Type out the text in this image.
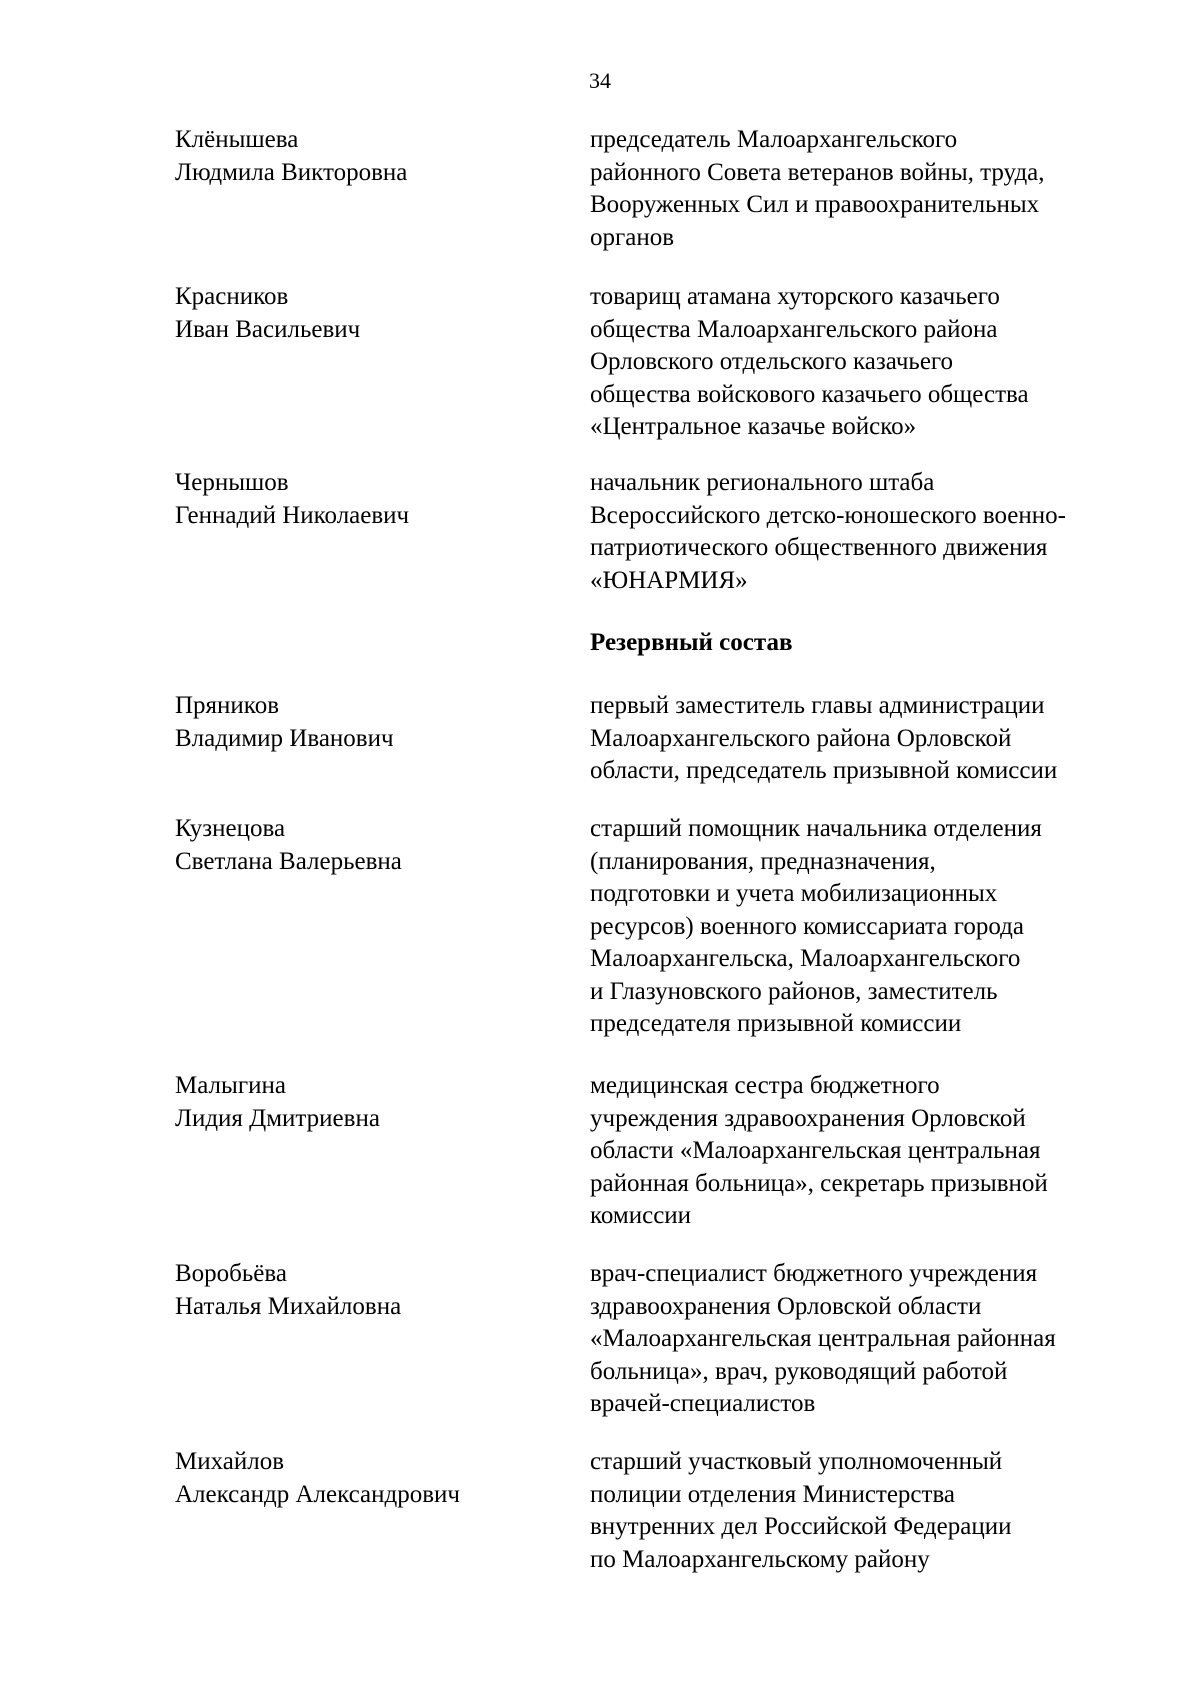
34
Клёнышева
Людмила Викторовна
председатель Малоархангельского
районного Совета ветеранов войны, труда,
Вооруженных Сил и правоохранительных
органов
Красников
Иван Васильевич
товарищ атамана хуторского казачьего
общества Малоархангельского района
Орловского отдельского казачьего
общества войскового казачьего общества
«Центральное казачье войско»
Чернышов
Геннадий Николаевич
начальник регионального штаба
Всероссийского детско-юношеского военно-
патриотического общественного движения
«ЮНАРМИЯ»
Резервный состав
Пряников
Владимир Иванович
первый заместитель главы администрации
Малоархангельского района Орловской
области, председатель призывной комиссии
Кузнецова
Светлана Валерьевна
старший помощник начальника отделения
(планирования, предназначения,
подготовки и учета мобилизационных
ресурсов) военного комиссариата города
Малоархангельска, Малоархангельского
и Глазуновского районов, заместитель
председателя призывной комиссии
Малыгина
Лидия Дмитриевна
медицинская сестра бюджетного
учреждения здравоохранения Орловской
области «Малоархангельская центральная
районная больница», секретарь призывной
комиссии
Воробьёва
Наталья Михайловна
врач-специалист бюджетного учреждения
здравоохранения Орловской области
«Малоархангельская центральная районная
больница», врач, руководящий работой
врачей-специалистов
Михайлов
Александр Александрович
старший участковый уполномоченный
полиции отделения Министерства
внутренних дел Российской Федерации
по Малоархангельскому району
